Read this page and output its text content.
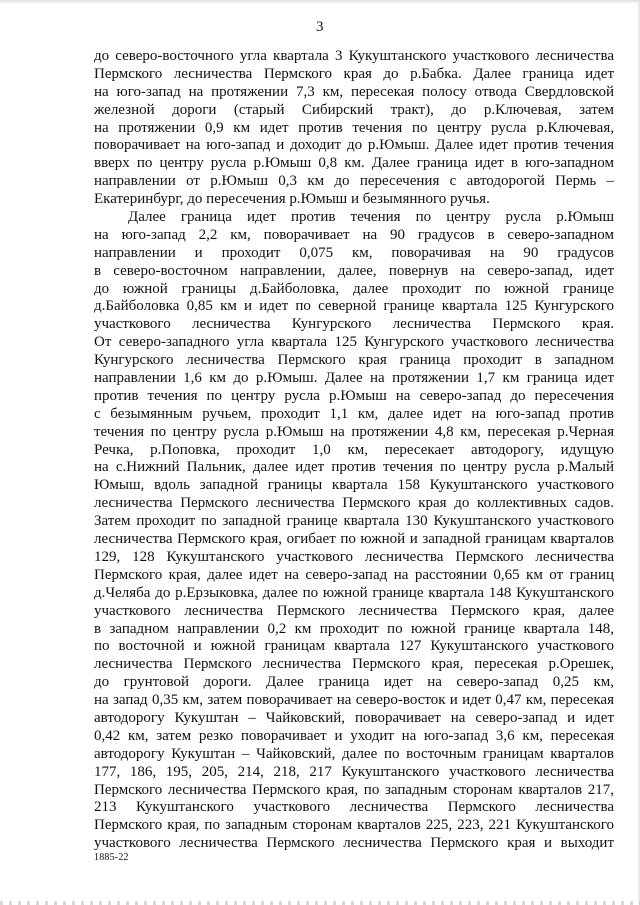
3
до северо-восточного угла квартала 3 Кукуштанского участкового лесничества
Пермского лесничества Пермского края до р.Бабка. Далее граница идет
на юго-запад на протяжении 7,3 км, пересекая полосу отвода Свердловской
железной дороги (старый Сибирский тракт), до р.Ключевая, затем
на протяжении 0,9 км идет против течения по центру русла р.Ключевая,
поворачивает на юго-запад и доходит до р.Юмыш. Далее идет против течения
вверх по центру русла р.Юмыш 0,8 км. Далее граница идет в юго-западном
направлении от р.Юмыш 0,3 км до пересечения с автодорогой Пермь –
Екатеринбург, до пересечения р.Юмыш и безымянного ручья.
Далее граница идет против течения по центру русла р.Юмыш
на юго-запад 2,2 км, поворачивает на 90 градусов в северо-западном
направлении и проходит 0,075 км, поворачивая на 90 градусов
в северо-восточном направлении, далее, повернув на северо-запад, идет
до южной границы д.Байболовка, далее проходит по южной границе
д.Байболовка 0,85 км и идет по северной границе квартала 125 Кунгурского
участкового лесничества Кунгурского лесничества Пермского края.
От северо-западного угла квартала 125 Кунгурского участкового лесничества
Кунгурского лесничества Пермского края граница проходит в западном
направлении 1,6 км до р.Юмыш. Далее на протяжении 1,7 км граница идет
против течения по центру русла р.Юмыш на северо-запад до пересечения
с безымянным ручьем, проходит 1,1 км, далее идет на юго-запад против
течения по центру русла р.Юмыш на протяжении 4,8 км, пересекая р.Черная
Речка, р.Поповка, проходит 1,0 км, пересекает автодорогу, идущую
на с.Нижний Пальник, далее идет против течения по центру русла р.Малый
Юмыш, вдоль западной границы квартала 158 Кукуштанского участкового
лесничества Пермского лесничества Пермского края до коллективных садов.
Затем проходит по западной границе квартала 130 Кукуштанского участкового
лесничества Пермского края, огибает по южной и западной границам кварталов
129, 128 Кукуштанского участкового лесничества Пермского лесничества
Пермского края, далее идет на северо-запад на расстоянии 0,65 км от границ
д.Челяба до р.Ерзыковка, далее по южной границе квартала 148 Кукуштанского
участкового лесничества Пермского лесничества Пермского края, далее
в западном направлении 0,2 км проходит по южной границе квартала 148,
по восточной и южной границам квартала 127 Кукуштанского участкового
лесничества Пермского лесничества Пермского края, пересекая р.Орешек,
до грунтовой дороги. Далее граница идет на северо-запад 0,25 км,
на запад 0,35 км, затем поворачивает на северо-восток и идет 0,47 км, пересекая
автодорогу Кукуштан – Чайковский, поворачивает на северо-запад и идет
0,42 км, затем резко поворачивает и уходит на юго-запад 3,6 км, пересекая
автодорогу Кукуштан – Чайковский, далее по восточным границам кварталов
177, 186, 195, 205, 214, 218, 217 Кукуштанского участкового лесничества
Пермского лесничества Пермского края, по западным сторонам кварталов 217,
213 Кукуштанского участкового лесничества Пермского лесничества
Пермского края, по западным сторонам кварталов 225, 223, 221 Кукуштанского
участкового лесничества Пермского лесничества Пермского края и выходит
1885-22
